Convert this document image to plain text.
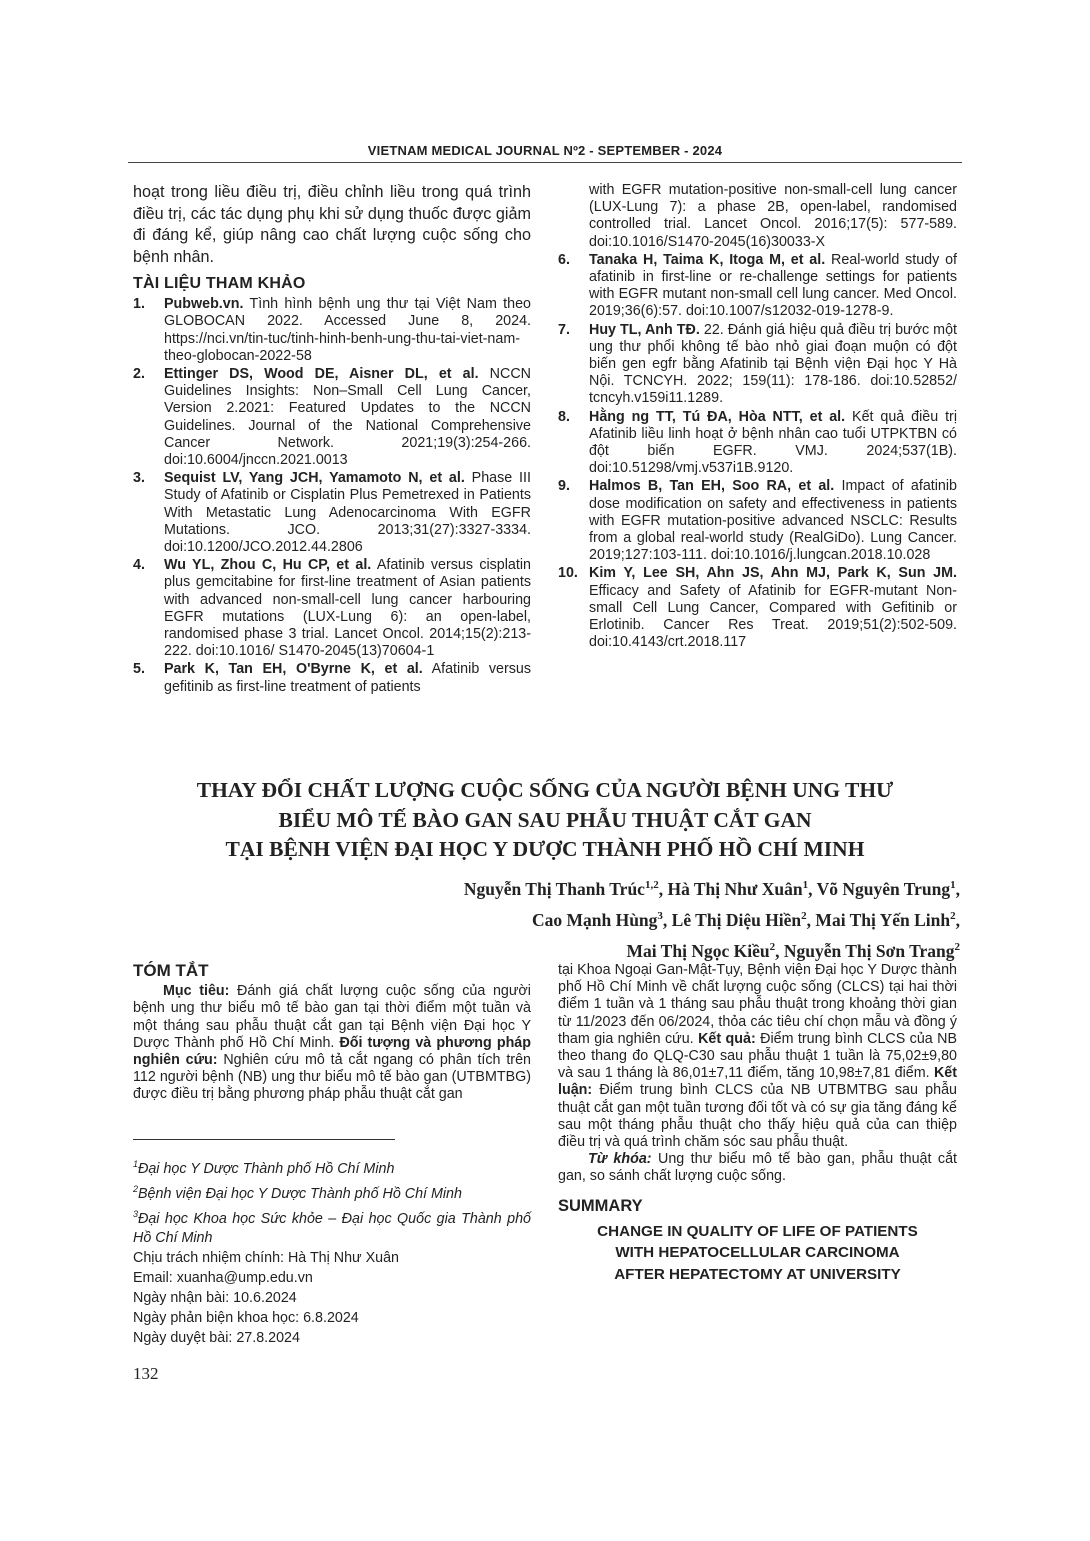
VIETNAM MEDICAL JOURNAL Nº2 - SEPTEMBER - 2024

hoạt trong liều điều trị, điều chỉnh liều trong quá trình điều trị, các tác dụng phụ khi sử dụng thuốc được giảm đi đáng kể, giúp nâng cao chất lượng cuộc sống cho bệnh nhân.

TÀI LIỆU THAM KHẢO
1.	Pubweb.vn. Tình hình bệnh ung thư tại Việt Nam theo GLOBOCAN 2022. Accessed June 8, 2024. https://nci.vn/tin-tuc/tinh-hinh-benh-ung-thu-tai-viet-nam-theo-globocan-2022-58
2.	Ettinger DS, Wood DE, Aisner DL, et al. NCCN Guidelines Insights: Non–Small Cell Lung Cancer, Version 2.2021: Featured Updates to the NCCN Guidelines. Journal of the National Comprehensive Cancer Network. 2021;19(3):254-266. doi:10.6004/jnccn.2021.0013
3.	Sequist LV, Yang JCH, Yamamoto N, et al. Phase III Study of Afatinib or Cisplatin Plus Pemetrexed in Patients With Metastatic Lung Adenocarcinoma With EGFR Mutations. JCO. 2013;31(27):3327-3334. doi:10.1200/JCO.2012.44.2806
4.	Wu YL, Zhou C, Hu CP, et al. Afatinib versus cisplatin plus gemcitabine for first-line treatment of Asian patients with advanced non-small-cell lung cancer harbouring EGFR mutations (LUX-Lung 6): an open-label, randomised phase 3 trial. Lancet Oncol. 2014;15(2):213-222. doi:10.1016/ S1470-2045(13)70604-1
5.	Park K, Tan EH, O'Byrne K, et al. Afatinib versus gefitinib as first-line treatment of patients

with EGFR mutation-positive non-small-cell lung cancer (LUX-Lung 7): a phase 2B, open-label, randomised controlled trial. Lancet Oncol. 2016;17(5): 577-589. doi:10.1016/S1470-2045(16)30033-X

6.	Tanaka H, Taima K, Itoga M, et al. Real-world study of afatinib in first-line or re-challenge settings for patients with EGFR mutant non-small cell lung cancer. Med Oncol. 2019;36(6):57. doi:10.1007/s12032-019-1278-9.
7.	Huy TL, Anh TĐ. 22. Đánh giá hiệu quả điều trị bước một ung thư phổi không tế bào nhỏ giai đoạn muộn có đột biến gen egfr bằng Afatinib tại Bệnh viện Đại học Y Hà Nội. TCNCYH. 2022; 159(11): 178-186. doi:10.52852/ tcncyh.v159i11.1289.
8.	Hằng ng TT, Tú ĐA, Hòa NTT, et al. Kết quả điều trị Afatinib liều linh hoạt ở bệnh nhân cao tuổi UTPKTBN có đột biến EGFR. VMJ. 2024;537(1B). doi:10.51298/vmj.v537i1B.9120.
9.	Halmos B, Tan EH, Soo RA, et al. Impact of afatinib dose modification on safety and effectiveness in patients with EGFR mutation-positive advanced NSCLC: Results from a global real-world study (RealGiDo). Lung Cancer. 2019;127:103-111. doi:10.1016/j.lungcan.2018.10.028
10. Kim Y, Lee SH, Ahn JS, Ahn MJ, Park K, Sun JM. Efficacy and Safety of Afatinib for EGFR-mutant Non-small Cell Lung Cancer, Compared with Gefitinib or Erlotinib. Cancer Res Treat. 2019;51(2):502-509. doi:10.4143/crt.2018.117
THAY ĐỔI CHẤT LƯỢNG CUỘC SỐNG CỦA NGƯỜI BỆNH UNG THƯ
BIỂU MÔ TẾ BÀO GAN SAU PHẪU THUẬT CẮT GAN
TẠI BỆNH VIỆN ĐẠI HỌC Y DƯỢC THÀNH PHỐ HỒ CHÍ MINH
Nguyễn Thị Thanh Trúc$^{1,2}$, Hà Thị Như Xuân$^1$, Võ Nguyên Trung$^1$,
Cao Mạnh Hùng$^3$, Lê Thị Diệu Hiền$^2$, Mai Thị Yến Linh$^2$,
Mai Thị Ngọc Kiều$^2$, Nguyễn Thị Sơn Trang$^2$
TÓM TẮT

Mục tiêu: Đánh giá chất lượng cuộc sống của người bệnh ung thư biểu mô tế bào gan tại thời điểm một tuần và một tháng sau phẫu thuật cắt gan tại Bệnh viện Đại học Y Dược Thành phố Hồ Chí Minh. Đối tượng và phương pháp nghiên cứu: Nghiên cứu mô tả cắt ngang có phân tích trên 112 người bệnh (NB) ung thư biểu mô tế bào gan (UTBMTBG) được điều trị bằng phương pháp phẫu thuật cắt gan

$^1$Đại học Y Dược Thành phố Hồ Chí Minh

$^2$Bệnh viện Đại học Y Dược Thành phố Hồ Chí Minh

$^3$Đại học Khoa học Sức khỏe – Đại học Quốc gia Thành phố Hồ Chí Minh

Chịu trách nhiệm chính: Hà Thị Như Xuân

Email: xuanha@ump.edu.vn

Ngày nhận bài: 10.6.2024

Ngày phản biện khoa học: 6.8.2024

Ngày duyệt bài: 27.8.2024

tại Khoa Ngoại Gan-Mật-Tụy, Bệnh viện Đại học Y Dược thành phố Hồ Chí Minh về chất lượng cuộc sống (CLCS) tại hai thời điểm 1 tuần và 1 tháng sau phẫu thuật trong khoảng thời gian từ 11/2023 đến 06/2024, thỏa các tiêu chí chọn mẫu và đồng ý tham gia nghiên cứu. Kết quả: Điểm trung bình CLCS của NB theo thang đo QLQ-C30 sau phẫu thuật 1 tuần là 75,02±9,80 và sau 1 tháng là 86,01±7,11 điểm, tăng 10,98±7,81 điểm. Kết luận: Điểm trung bình CLCS của NB UTBMTBG sau phẫu thuật cắt gan một tuần tương đối tốt và có sự gia tăng đáng kể sau một tháng phẫu thuật cho thấy hiệu quả của can thiệp điều trị và quá trình chăm sóc sau phẫu thuật.

Từ khóa: Ung thư biểu mô tế bào gan, phẫu thuật cắt gan, so sánh chất lượng cuộc sống.

SUMMARY

CHANGE IN QUALITY OF LIFE OF PATIENTS

WITH HEPATOCELLULAR CARCINOMA

AFTER HEPATECTOMY AT UNIVERSITY

132
